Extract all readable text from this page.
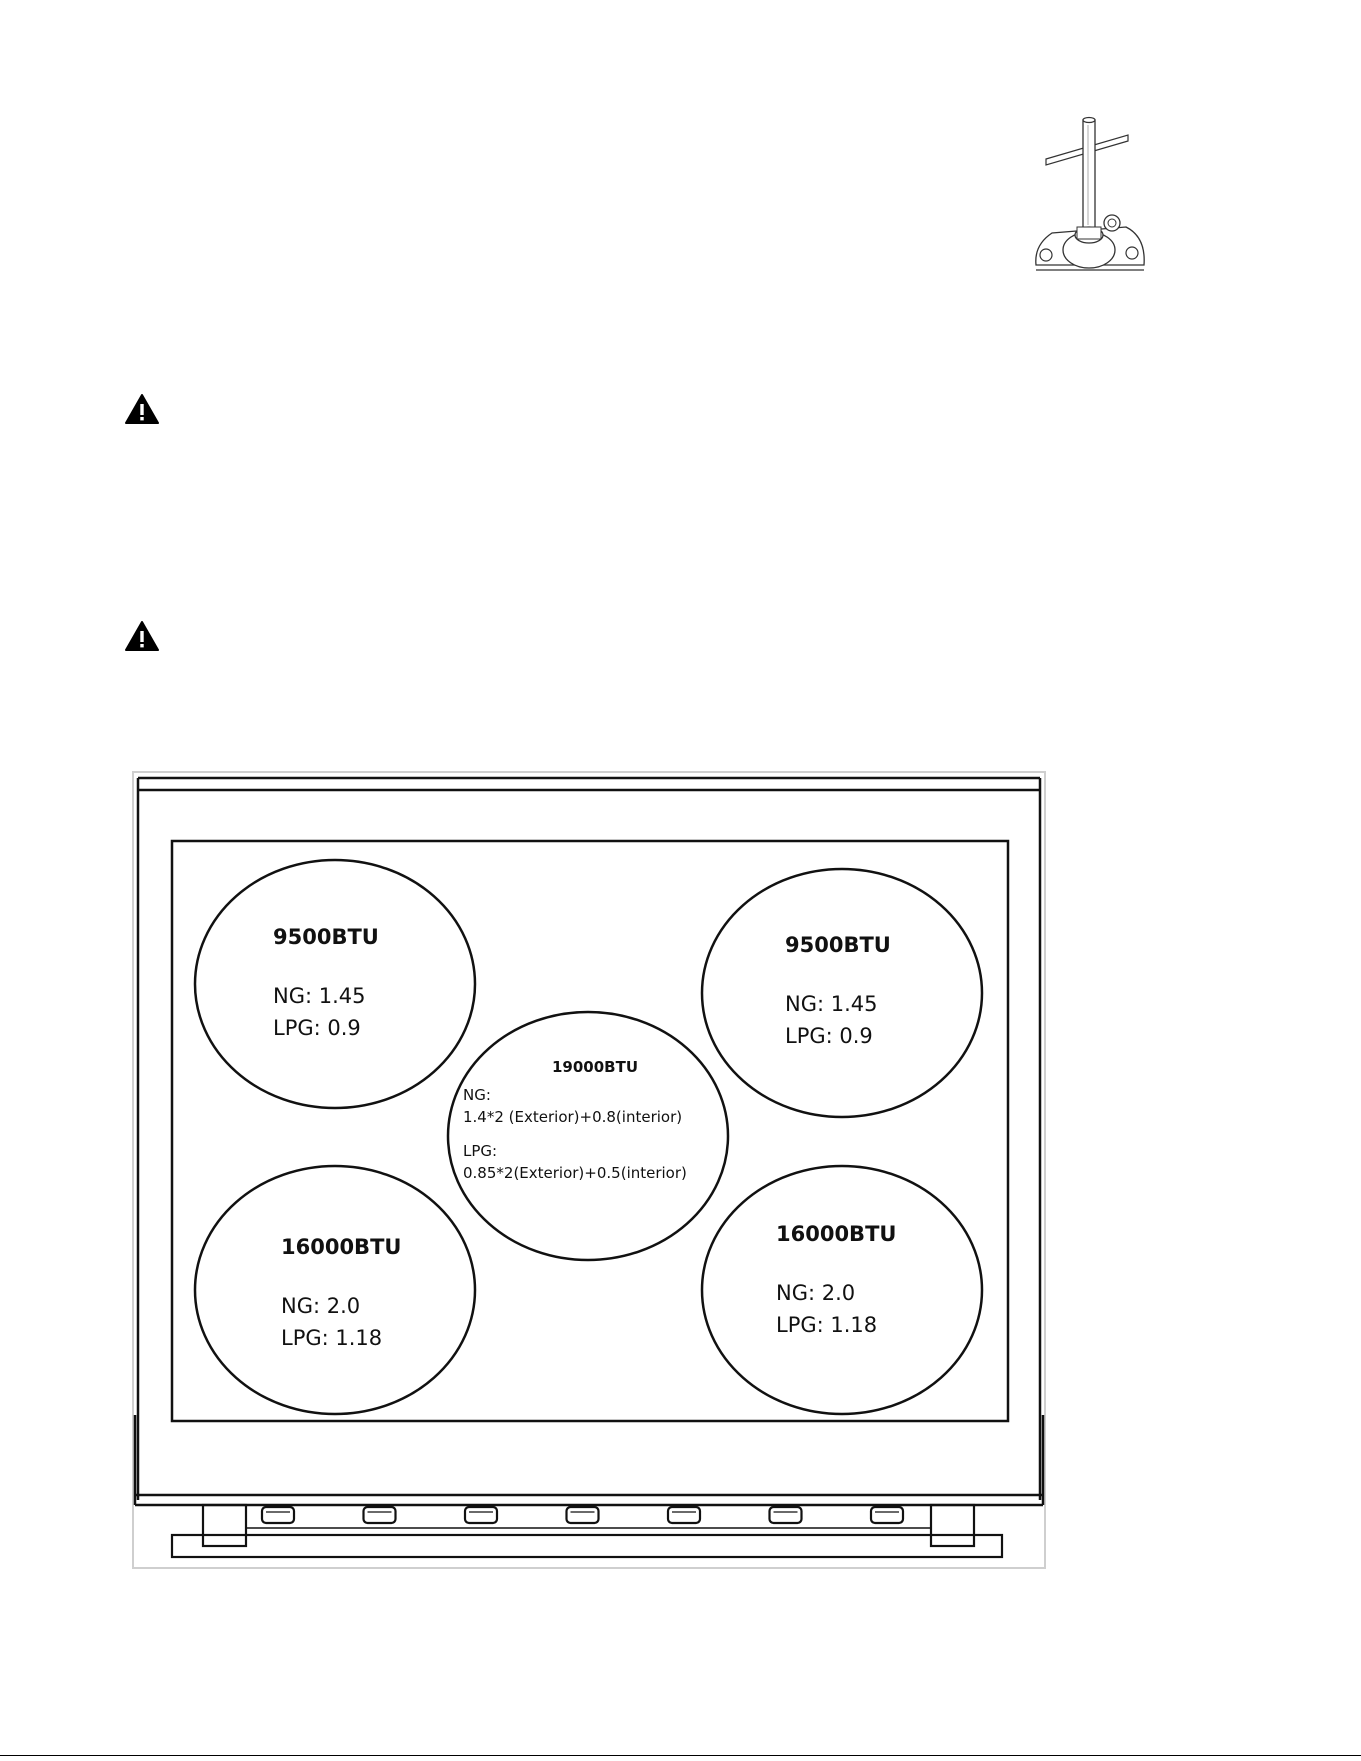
9500BTU
NG: 1.45
LPG: 0.9
9500BTU
NG: 1.45
LPG: 0.9
19000BTU
NG:
1.4*2 (Exterior)+0.8(interior)
LPG:
0.85*2(Exterior)+0.5(interior)
16000BTU
NG: 2.0
LPG: 1.18
16000BTU
NG: 2.0
LPG: 1.18
